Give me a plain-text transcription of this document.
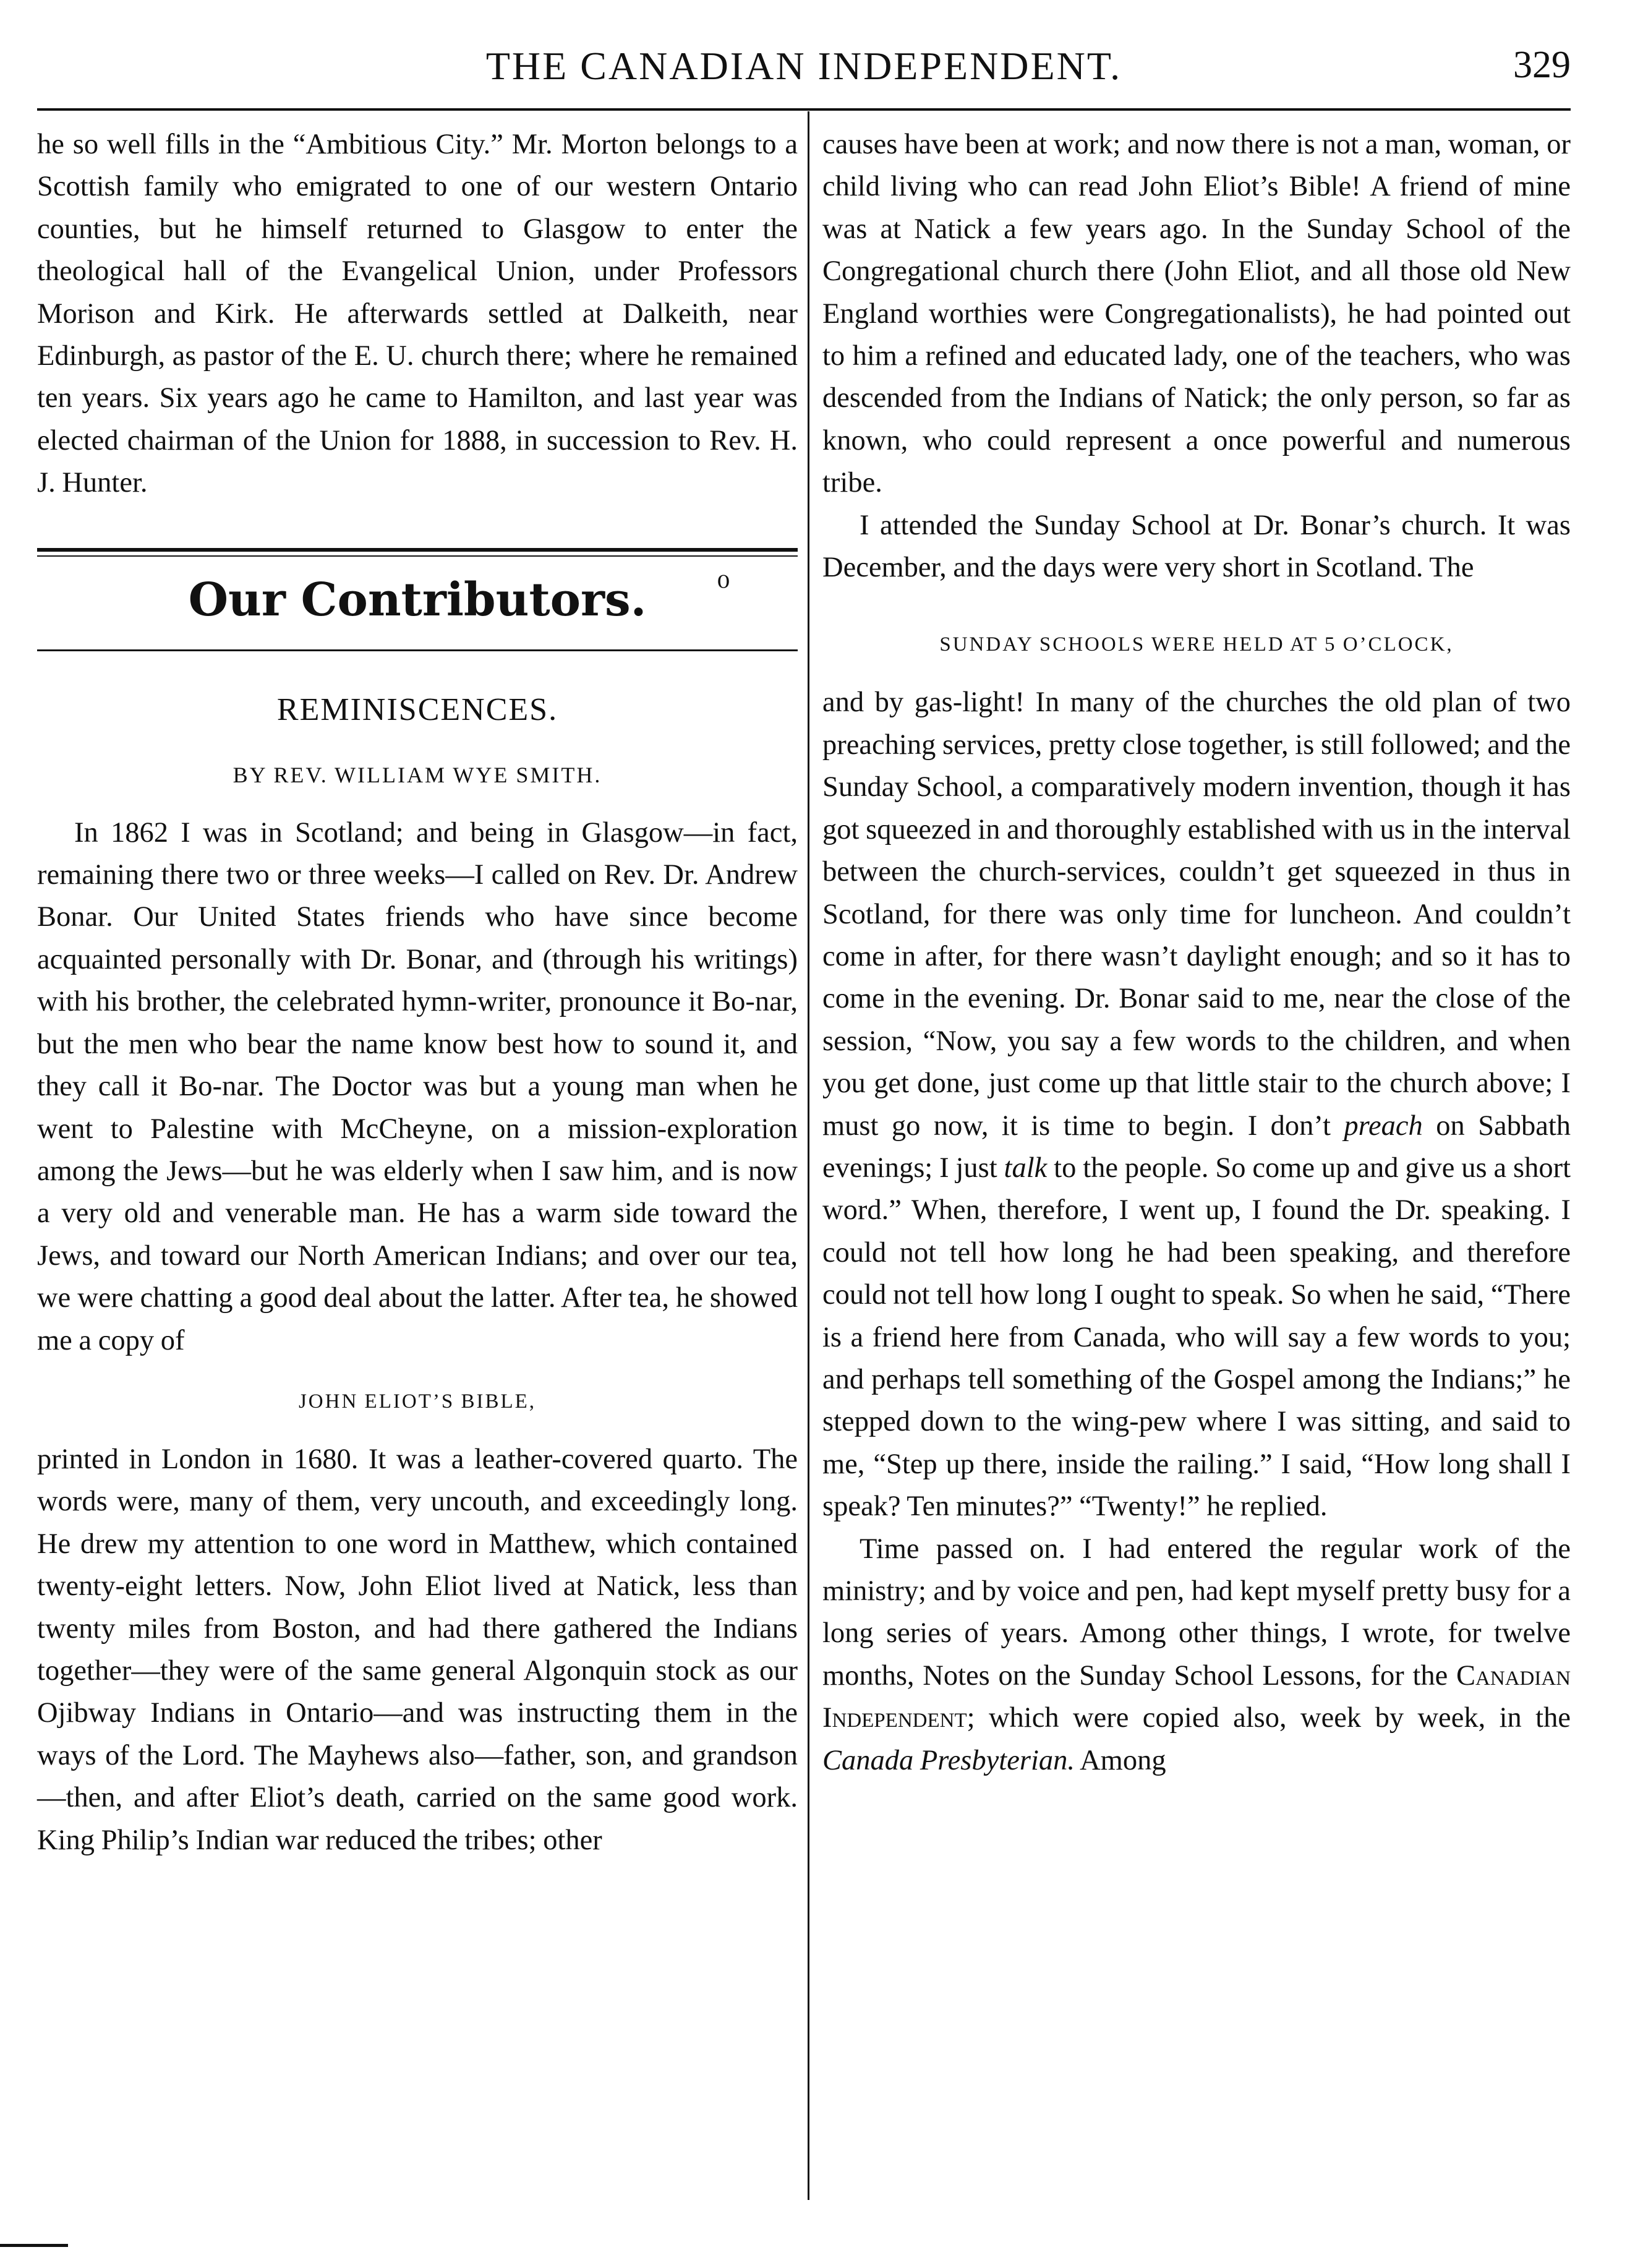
THE CANADIAN INDEPENDENT.	329

he so well fills in the “Ambitious City.” Mr. Morton belongs to a Scottish family who emigrated to one of our western Ontario counties, but he himself returned to Glasgow to enter the theological hall of the Evangelical Union, under Professors Morison and Kirk. He afterwards settled at Dalkeith, near Edinburgh, as pastor of the E. U. church there; where he remained ten years. Six years ago he came to Hamilton, and last year was elected chairman of the Union for 1888, in succession to Rev. H. J. Hunter.

Our Contributors. ⁰
REMINISCENCES.
BY REV. WILLIAM WYE SMITH.

In 1862 I was in Scotland; and being in Glasgow—in fact, remaining there two or three weeks—I called on Rev. Dr. Andrew Bonar. Our United States friends who have since become acquainted personally with Dr. Bonar, and (through his writings) with his brother, the celebrated hymn-writer, pronounce it Bo-nar, but the men who bear the name know best how to sound it, and they call it Bo-nar. The Doctor was but a young man when he went to Palestine with McCheyne, on a mission-exploration among the Jews—but he was elderly when I saw him, and is now a very old and venerable man. He has a warm side toward the Jews, and toward our North American Indians; and over our tea, we were chatting a good deal about the latter. After tea, he showed me a copy of

JOHN ELIOT’S BIBLE,

printed in London in 1680. It was a leather-covered quarto. The words were, many of them, very uncouth, and exceedingly long. He drew my attention to one word in Matthew, which contained twenty-eight letters. Now, John Eliot lived at Natick, less than twenty miles from Boston, and had there gathered the Indians together—they were of the same general Algonquin stock as our Ojibway Indians in Ontario—and was instructing them in the ways of the Lord. The Mayhews also—father, son, and grandson—then, and after Eliot’s death, carried on the same good work. King Philip’s Indian war reduced the tribes; other

causes have been at work; and now there is not a man, woman, or child living who can read John Eliot’s Bible! A friend of mine was at Natick a few years ago. In the Sunday School of the Congregational church there (John Eliot, and all those old New England worthies were Congregationalists), he had pointed out to him a refined and educated lady, one of the teachers, who was descended from the Indians of Natick; the only person, so far as known, who could represent a once powerful and numerous tribe.

I attended the Sunday School at Dr. Bonar’s church. It was December, and the days were very short in Scotland. The

SUNDAY SCHOOLS WERE HELD AT 5 O’CLOCK,

and by gas-light! In many of the churches the old plan of two preaching services, pretty close together, is still followed; and the Sunday School, a comparatively modern invention, though it has got squeezed in and thoroughly established with us in the interval between the church-services, couldn’t get squeezed in thus in Scotland, for there was only time for luncheon. And couldn’t come in after, for there wasn’t daylight enough; and so it has to come in the evening. Dr. Bonar said to me, near the close of the session, “Now, you say a few words to the children, and when you get done, just come up that little stair to the church above; I must go now, it is time to begin. I don’t preach on Sabbath evenings; I just talk to the people. So come up and give us a short word.” When, therefore, I went up, I found the Dr. speaking. I could not tell how long he had been speaking, and therefore could not tell how long I ought to speak. So when he said, “There is a friend here from Canada, who will say a few words to you; and perhaps tell something of the Gospel among the Indians;” he stepped down to the wing-pew where I was sitting, and said to me, “Step up there, inside the railing.” I said, “How long shall I speak? Ten minutes?” “Twenty!” he replied.

Time passed on. I had entered the regular work of the ministry; and by voice and pen, had kept myself pretty busy for a long series of years. Among other things, I wrote, for twelve months, Notes on the Sunday School Lessons, for the Canadian Independent; which were copied also, week by week, in the Canada Presbyterian. Among
